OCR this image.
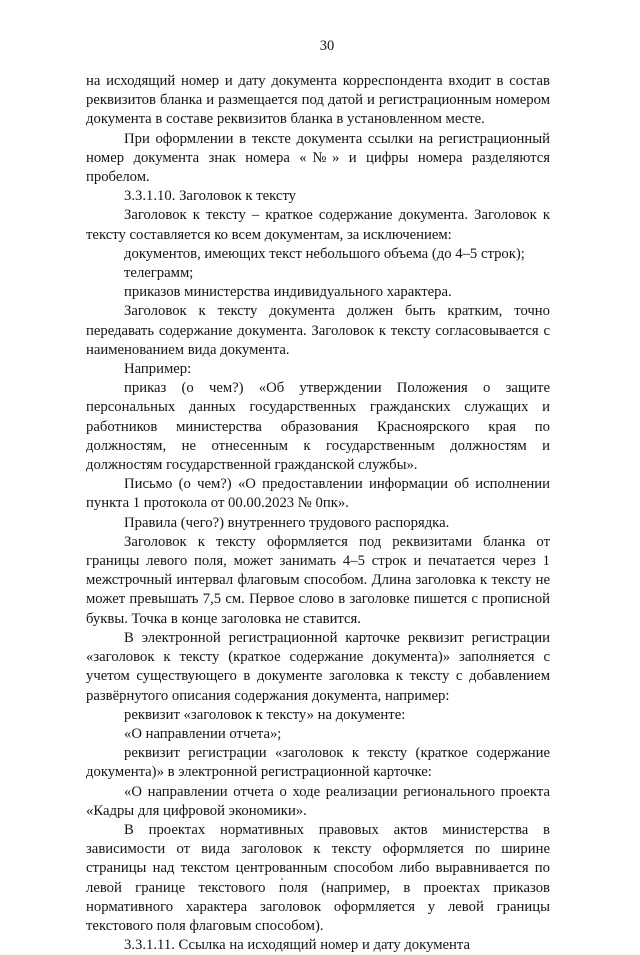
30

на исходящий номер и дату документа корреспондента входит в состав реквизитов бланка и размещается под датой и регистрационным номером документа в составе реквизитов бланка в установленном месте.

При оформлении в тексте документа ссылки на регистрационный номер документа знак номера «№» и цифры номера разделяются пробелом.

3.3.1.10. Заголовок к тексту

Заголовок к тексту – краткое содержание документа. Заголовок к тексту составляется ко всем документам, за исключением:

документов, имеющих текст небольшого объема (до 4–5 строк);

телеграмм;

приказов министерства индивидуального характера.

Заголовок к тексту документа должен быть кратким, точно передавать содержание документа. Заголовок к тексту согласовывается с наименованием вида документа.

Например:

приказ (о чем?) «Об утверждении Положения о защите персональных данных государственных гражданских служащих и работников министерства образования Красноярского края по должностям, не отнесенным к государственным должностям и должностям государственной гражданской службы».

Письмо (о чем?) «О предоставлении информации об исполнении пункта 1 протокола от 00.00.2023 № 0пк».

Правила (чего?) внутреннего трудового распорядка.

Заголовок к тексту оформляется под реквизитами бланка от границы левого поля, может занимать 4–5 строк и печатается через 1 межстрочный интервал флаговым способом. Длина заголовка к тексту не может превышать 7,5 см. Первое слово в заголовке пишется с прописной буквы. Точка в конце заголовка не ставится.

В электронной регистрационной карточке реквизит регистрации «заголовок к тексту (краткое содержание документа)» заполняется с учетом существующего в документе заголовка к тексту с добавлением развёрнутого описания содержания документа, например:

реквизит «заголовок к тексту» на документе:

«О направлении отчета»;

реквизит регистрации «заголовок к тексту (краткое содержание документа)» в электронной регистрационной карточке:

«О направлении отчета о ходе реализации регионального проекта «Кадры для цифровой экономики».

В проектах нормативных правовых актов министерства в зависимости от вида заголовок к тексту оформляется по ширине страницы над текстом центрованным способом либо выравнивается по левой границе текстового поля (например, в проектах приказов нормативного характера заголовок оформляется у левой границы текстового поля флаговым способом).

3.3.1.11. Ссылка на исходящий номер и дату документа
